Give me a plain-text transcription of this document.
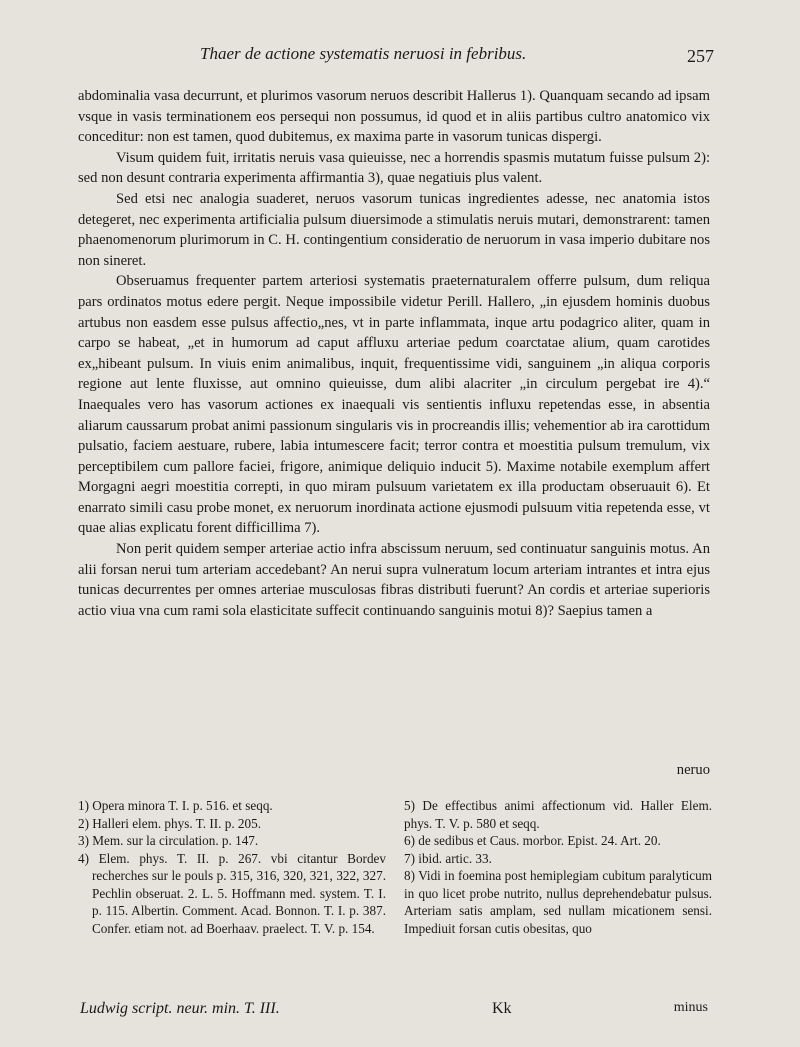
Thaer de actione systematis neruosi in febribus.	257

abdominalia vasa decurrunt, et plurimos vasorum neruos describit Hallerus 1). Quanquam secando ad ipsam vsque in vasis terminationem eos persequi non possumus, id quod et in aliis partibus cultro anatomico vix conceditur: non est tamen, quod dubitemus, ex maxima parte in vasorum tunicas dispergi.

Visum quidem fuit, irritatis neruis vasa quieuisse, nec a horrendis spasmis mutatum fuisse pulsum 2): sed non desunt contraria experimenta affirmantia 3), quae negatiuis plus valent.

Sed etsi nec analogia suaderet, neruos vasorum tunicas ingredientes adesse, nec anatomia istos detegeret, nec experimenta artificialia pulsum diuersimode a stimulatis neruis mutari, demonstrarent: tamen phaenomenorum plurimorum in C. H. contingentium consideratio de neruorum in vasa imperio dubitare nos non sineret.

Obseruamus frequenter partem arteriosi systematis praeternaturalem offerre pulsum, dum reliqua pars ordinatos motus edere pergit. Neque impossibile videtur Perill. Hallero, „in ejusdem hominis duobus artubus non easdem esse pulsus affectio„nes, vt in parte inflammata, inque artu podagrico aliter, quam in carpo se habeat, „et in humorum ad caput affluxu arteriae pedum coarctatae alium, quam carotides ex„hibeant pulsum. In viuis enim animalibus, inquit, frequentissime vidi, sanguinem „in aliqua corporis regione aut lente fluxisse, aut omnino quieuisse, dum alibi alacriter „in circulum pergebat ire 4).“ Inaequales vero has vasorum actiones ex inaequali vis sentientis influxu repetendas esse, in absentia aliarum caussarum probat animi passionum singularis vis in procreandis illis; vehementior ab ira carottidum pulsatio, faciem aestuare, rubere, labia intumescere facit; terror contra et moestitia pulsum tremulum, vix perceptibilem cum pallore faciei, frigore, animique deliquio inducit 5). Maxime notabile exemplum affert Morgagni aegri moestitia correpti, in quo miram pulsuum varietatem ex illa productam obseruauit 6). Et enarrato simili casu probe monet, ex neruorum inordinata actione ejusmodi pulsuum vitia repetenda esse, vt quae alias explicatu forent difficillima 7).

Non perit quidem semper arteriae actio infra abscissum neruum, sed continuatur sanguinis motus. An alii forsan nerui tum arteriam accedebant? An nerui supra vulneratum locum arteriam intrantes et intra ejus tunicas decurrentes per omnes arteriae musculosas fibras distributi fuerunt? An cordis et arteriae superioris actio viua vna cum rami sola elasticitate suffecit continuando sanguinis motui 8)? Saepius tamen a

neruo

1) Opera minora T. I. p. 516. et seqq.

2) Halleri elem. phys. T. II. p. 205.

3) Mem. sur la circulation. p. 147.

4) Elem. phys. T. II. p. 267. vbi citantur Bordev recherches sur le pouls p. 315, 316, 320, 321, 322, 327. Pechlin obseruat. 2. L. 5. Hoffmann med. system. T. I. p. 115. Albertin. Comment. Acad. Bonnon. T. I. p. 387. Confer. etiam not. ad Boerhaav. praelect. T. V. p. 154.

5) De effectibus animi affectionum vid. Haller Elem. phys. T. V. p. 580 et seqq.

6) de sedibus et Caus. morbor. Epist. 24. Art. 20.

7) ibid. artic. 33.

8) Vidi in foemina post hemiplegiam cubitum paralyticum in quo licet probe nutrito, nullus deprehendebatur pulsus. Arteriam satis amplam, sed nullam micationem sensi. Impediuit forsan cutis obesitas, quo

Ludwig script. neur. min. T. III.	Kk	minus
